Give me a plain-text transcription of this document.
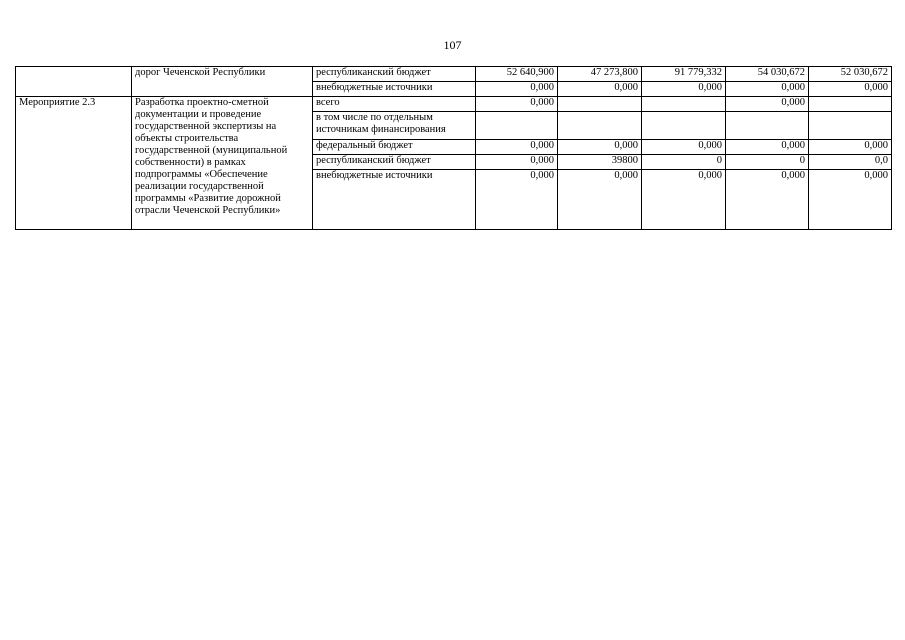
107
	дорог Чеченской Республики	республиканский бюджет	52 640,900	47 273,800	91 779,332	54 030,672	52 030,672
		внебюджетные источники	0,000	0,000	0,000	0,000	0,000
Мероприятие 2.3	Разработка проектно-сметной документации и проведение государственной экспертизы на объекты строительства государственной (муниципальной собственности) в рамках подпрограммы «Обеспечение реализации государственной программы «Развитие дорожной отрасли Чеченской Республики»	всего	0,000			0,000	
		в том числе по отдельным источникам финансирования					
		федеральный бюджет	0,000	0,000	0,000	0,000	0,000
		республиканский бюджет	0,000	39800	0	0	0,0
		внебюджетные источники	0,000	0,000	0,000	0,000	0,000
